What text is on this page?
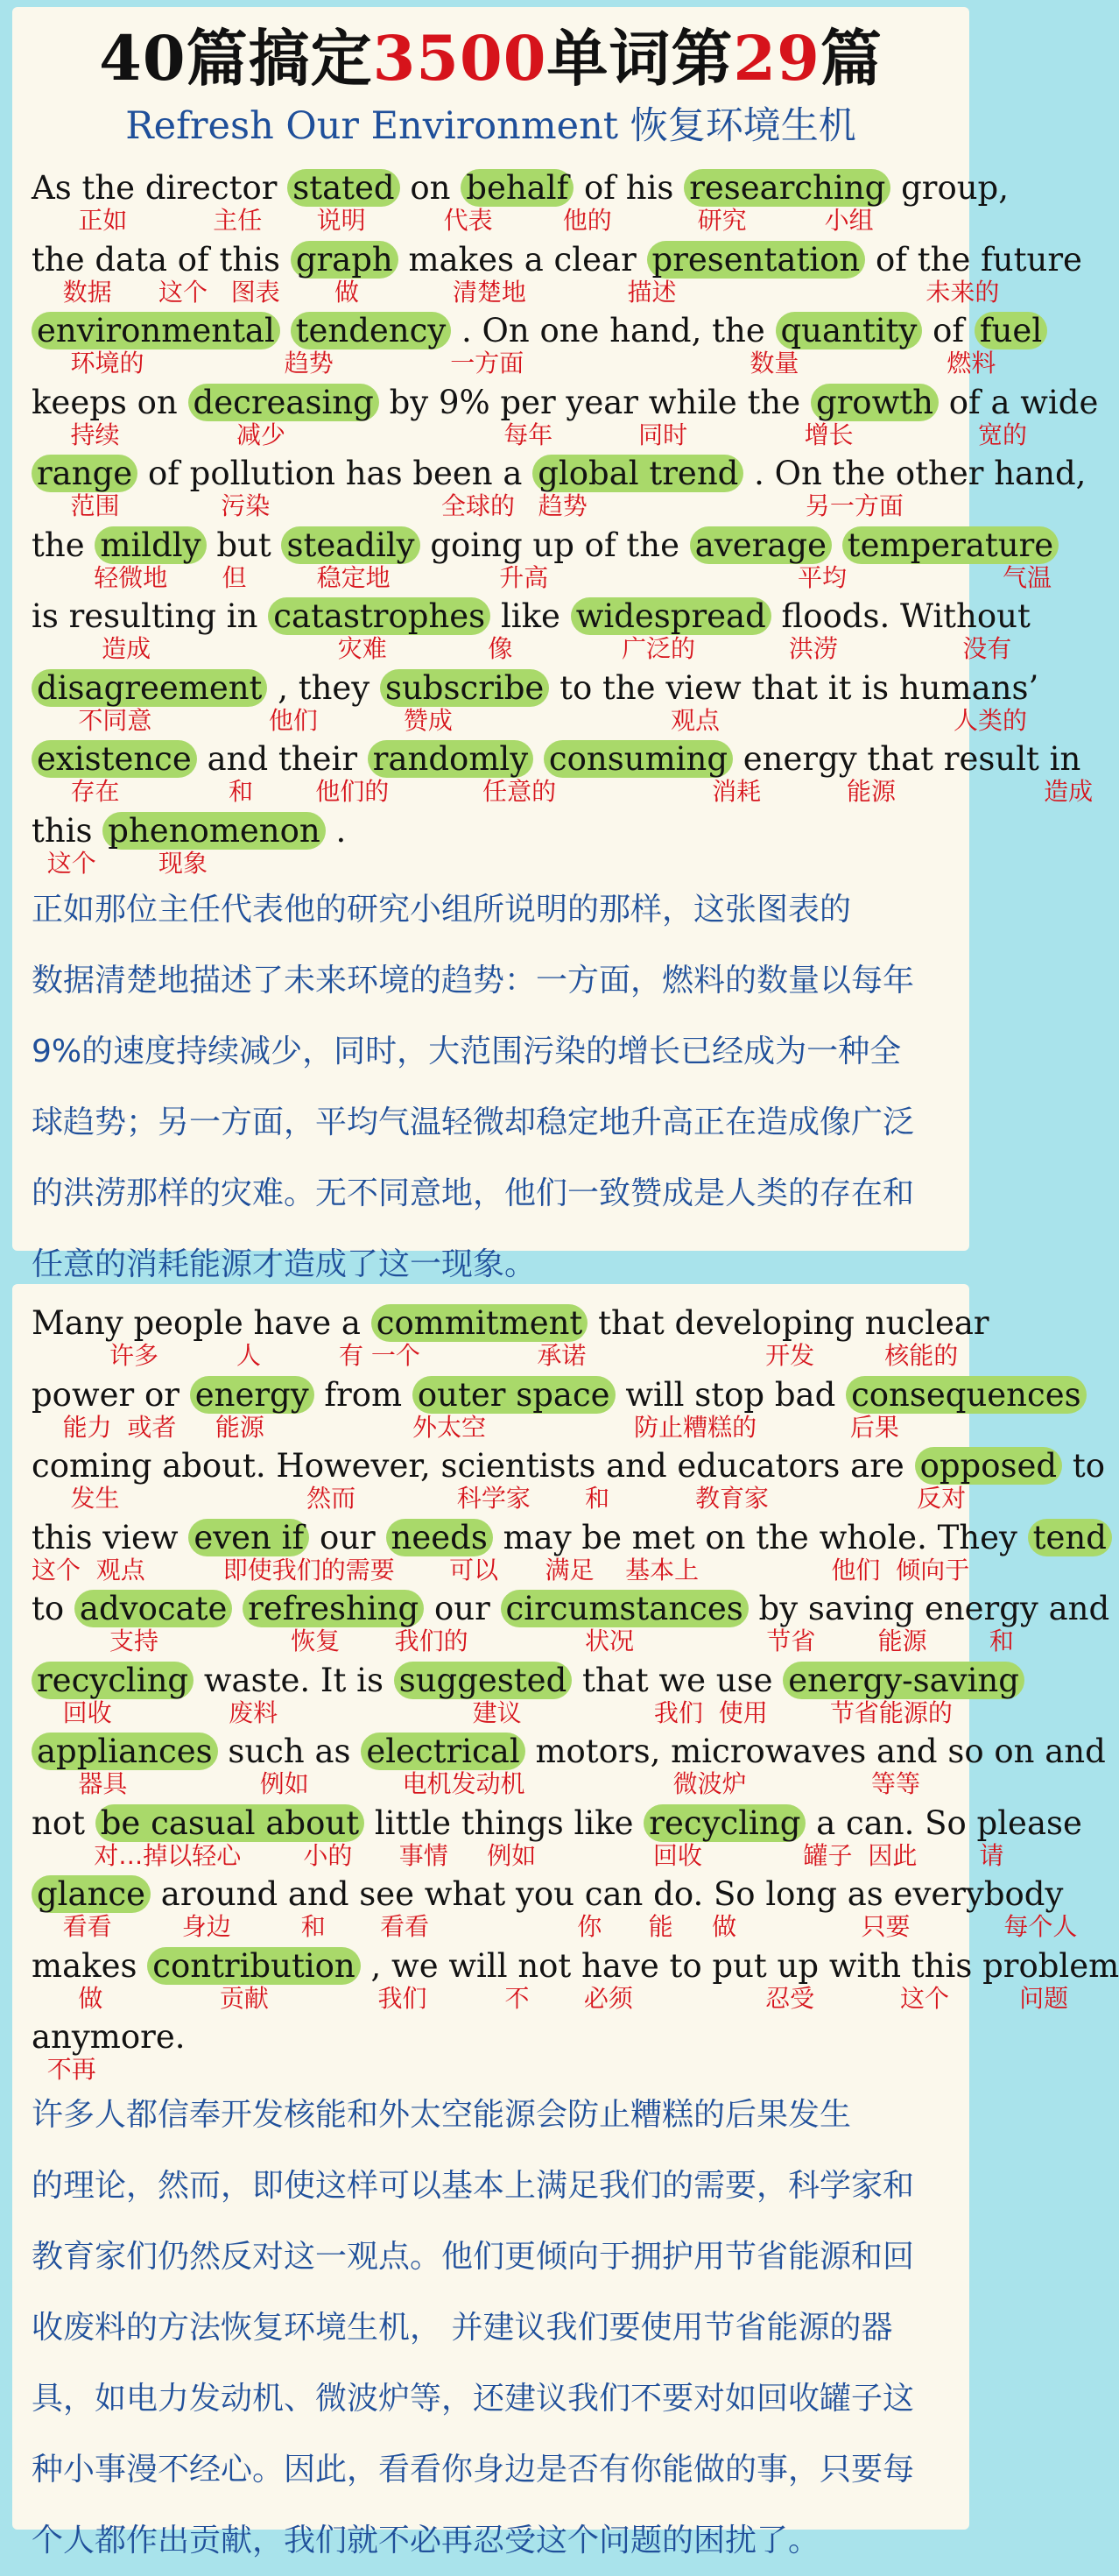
40篇搞定3500单词第29篇
Refresh Our Environment 恢复环境生机
As the director stated on behalf of his researching group,
正如           主任       说明          代表         他的           研究          小组
the data of this graph makes a clear presentation of the future
数据      这个   图表       做            清楚地             描述                                未来的
environmental tendency . On one hand, the quantity of fuel
环境的                  趋势               一方面                             数量                   燃料
keeps on decreasing by 9% per year while the growth of a wide
持续               减少                            每年           同时               增长                宽的
range of pollution has been a global trend . On the other hand,
范围             污染                      全球的   趋势                            另一方面
the mildly but steadily going up of the average temperature
轻微地       但         稳定地              升高                                平均                    气温
is resulting in catastrophes like widespread floods. Without
造成                        灾难             像              广泛的            洪涝                没有
disagreement , they subscribe to the view that it is humans’
不同意               他们           赞成                            观点                              人类的
existence and their randomly consuming energy that result in
存在              和        他们的            任意的                    消耗           能源                   造成
this phenomenon .
这个        现象
正如那位主任代表他的研究小组所说明的那样，这张图表的
数据清楚地描述了未来环境的趋势：一方面，燃料的数量以每年
9%的速度持续减少，同时，大范围污染的增长已经成为一种全
球趋势；另一方面，平均气温轻微却稳定地升高正在造成像广泛
的洪涝那样的灾难。无不同意地，他们一致赞成是人类的存在和
任意的消耗能源才造成了这一现象。
Many people have a commitment that developing nuclear
许多          人          有 一个               承诺                       开发         核能的
power or energy from outer space will stop bad consequences
能力  或者     能源                   外太空                   防止糟糕的            后果
coming about. However, scientists and educators are opposed to
发生                        然而             科学家       和           教育家                   反对
this view even if our needs may be met on the whole. They tend
这个  观点          即使我们的需要       可以      满足    基本上                 他们  倾向于
to advocate refreshing our circumstances by saving energy and
支持                 恢复       我们的               状况                 节省        能源        和
recycling waste. It is suggested that we use energy-saving
回收               废料                         建议                 我们  使用        节省能源的
appliances such as electrical motors, microwaves and so on and
器具                 例如            电机发动机                   微波炉                等等
not be casual about little things like recycling a can. So please
对…掉以轻心        小的      事情     例如               回收             罐子  因此        请
glance around and see what you can do. So long as everybody
看看         身边         和       看看                   你      能     做                只要            每个人
makes contribution , we will not have to put up with this problem
做               贡献              我们          不       必须                 忍受           这个         问题
anymore.
不再
许多人都信奉开发核能和外太空能源会防止糟糕的后果发生
的理论，然而，即使这样可以基本上满足我们的需要，科学家和
教育家们仍然反对这一观点。他们更倾向于拥护用节省能源和回
收废料的方法恢复环境生机， 并建议我们要使用节省能源的器
具，如电力发动机、微波炉等，还建议我们不要对如回收罐子这
种小事漫不经心。因此，看看你身边是否有你能做的事，只要每
个人都作出贡献，我们就不必再忍受这个问题的困扰了。
